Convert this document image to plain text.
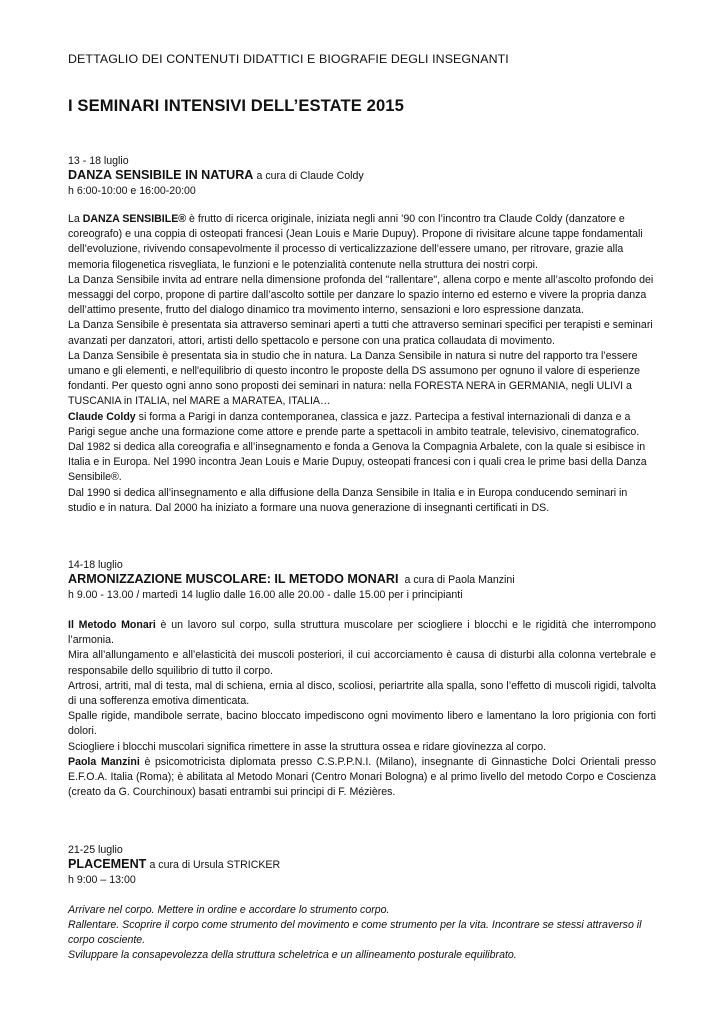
DETTAGLIO DEI CONTENUTI DIDATTICI E BIOGRAFIE DEGLI INSEGNANTI

I SEMINARI INTENSIVI DELL’ESTATE 2015
13 - 18 luglio
DANZA SENSIBILE IN NATURA a cura di Claude Coldy
h 6:00-10:00 e 16:00-20:00

La DANZA SENSIBILE® è frutto di ricerca originale, iniziata negli anni ’90 con l’incontro tra Claude Coldy (danzatore e coreografo) e una coppia di osteopati francesi (Jean Louis e Marie Dupuy). Propone di rivisitare alcune tappe fondamentali dell’evoluzione, rivivendo consapevolmente il processo di verticalizzazione dell’essere umano, per ritrovare, grazie alla memoria filogenetica risvegliata, le funzioni e le potenzialità contenute nella struttura dei nostri corpi.

La Danza Sensibile invita ad entrare nella dimensione profonda del "rallentare", allena corpo e mente all’ascolto profondo dei messaggi del corpo, propone di partire dall’ascolto sottile per danzare lo spazio interno ed esterno e vivere la propria danza dell’attimo presente, frutto del dialogo dinamico tra movimento interno, sensazioni e loro espressione danzata.

La Danza Sensibile è presentata sia attraverso seminari aperti a tutti che attraverso seminari specifici per terapisti e seminari avanzati per danzatori, attori, artisti dello spettacolo e persone con una pratica collaudata di movimento.

La Danza Sensibile è presentata sia in studio che in natura. La Danza Sensibile in natura si nutre del rapporto tra l’essere umano e gli elementi, e nell'equilibrio di questo incontro le proposte della DS assumono per ognuno il valore di esperienze fondanti. Per questo ogni anno sono proposti dei seminari in natura: nella FORESTA NERA in GERMANIA, negli ULIVI a TUSCANIA in ITALIA, nel MARE a MARATEA, ITALIA…

Claude Coldy si forma a Parigi in danza contemporanea, classica e jazz. Partecipa a festival internazionali di danza e a Parigi segue anche una formazione come attore e prende parte a spettacoli in ambito teatrale, televisivo, cinematografico.

Dal 1982 si dedica alla coreografia e all’insegnamento e fonda a Genova la Compagnia Arbalete, con la quale si esibisce in Italia e in Europa. Nel 1990 incontra Jean Louis e Marie Dupuy, osteopati francesi con i quali crea le prime basi della Danza Sensibile®.

Dal 1990 si dedica all’insegnamento e alla diffusione della Danza Sensibile in Italia e in Europa conducendo seminari in studio e in natura. Dal 2000 ha iniziato a formare una nuova generazione di insegnanti certificati in DS.

14-18 luglio
ARMONIZZAZIONE MUSCOLARE: IL METODO MONARI a cura di Paola Manzini
h 9.00 - 13.00 / martedì 14 luglio dalle 16.00 alle 20.00 - dalle 15.00 per i principianti

Il Metodo Monari è un lavoro sul corpo, sulla struttura muscolare per sciogliere i blocchi e le rigidità che interrompono l’armonia.

Mira all’allungamento e all’elasticità dei muscoli posteriori, il cui accorciamento è causa di disturbi alla colonna vertebrale e responsabile dello squilibrio di tutto il corpo.

Artrosi, artriti, mal di testa, mal di schiena, ernia al disco, scoliosi, periartrite alla spalla, sono l’effetto di muscoli rigidi, talvolta di una sofferenza emotiva dimenticata.

Spalle rigide, mandibole serrate, bacino bloccato impediscono ogni movimento libero e lamentano la loro prigionia con forti dolori.

Sciogliere i blocchi muscolari significa rimettere in asse la struttura ossea e ridare giovinezza al corpo.

Paola Manzini è psicomotricista diplomata presso C.S.P.P.N.I. (Milano), insegnante di Ginnastiche Dolci Orientali presso E.F.O.A. Italia (Roma); è abilitata al Metodo Monari (Centro Monari Bologna) e al primo livello del metodo Corpo e Coscienza (creato da G. Courchinoux) basati entrambi sui principi di F. Mézières.

21-25 luglio
PLACEMENT a cura di Ursula STRICKER
h 9:00 – 13:00

Arrivare nel corpo. Mettere in ordine e accordare lo strumento corpo.

Rallentare. Scoprire il corpo come strumento del movimento e come strumento per la vita. Incontrare se stessi attraverso il corpo cosciente.

Sviluppare la consapevolezza della struttura scheletrica e un allineamento posturale equilibrato.
